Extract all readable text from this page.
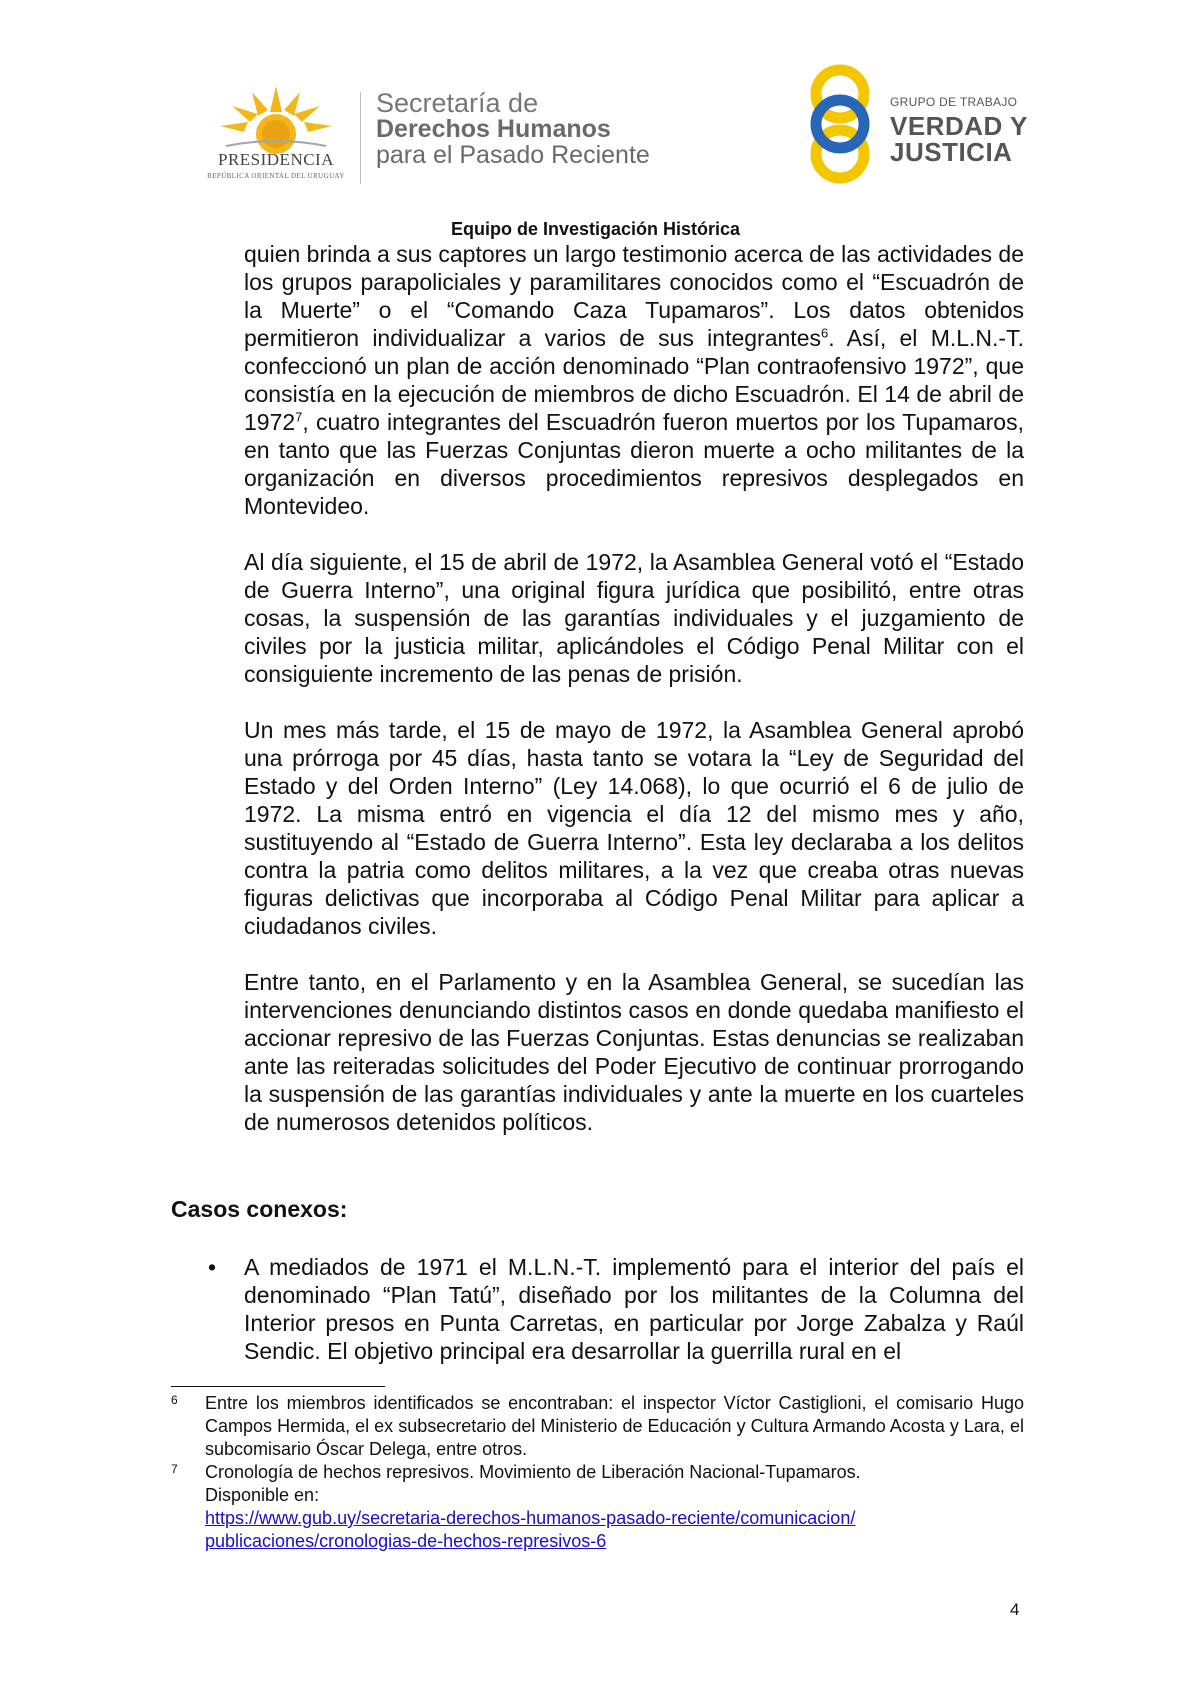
PRESIDENCIA
REPÚBLICA ORIENTAL DEL URUGUAY
Secretaría de
Derechos Humanos
para el Pasado Reciente
GRUPO DE TRABAJO
VERDAD Y
JUSTICIA
Equipo de Investigación Histórica

quien brinda a sus captores un largo testimonio acerca de las actividades de los grupos parapoliciales y paramilitares conocidos como el “Escuadrón de la Muerte” o el “Comando Caza Tupamaros”. Los datos obtenidos permitieron individualizar a varios de sus integrantes$^6$. Así, el M.L.N.-T. confeccionó un plan de acción denominado “Plan contraofensivo 1972”, que consistía en la ejecución de miembros de dicho Escuadrón. El 14 de abril de 1972$^7$, cuatro integrantes del Escuadrón fueron muertos por los Tupamaros, en tanto que las Fuerzas Conjuntas dieron muerte a ocho militantes de la organización en diversos procedimientos represivos desplegados en Montevideo.

Al día siguiente, el 15 de abril de 1972, la Asamblea General votó el “Estado de Guerra Interno”, una original figura jurídica que posibilitó, entre otras cosas, la suspensión de las garantías individuales y el juzgamiento de civiles por la justicia militar, aplicándoles el Código Penal Militar con el consiguiente incremento de las penas de prisión.

Un mes más tarde, el 15 de mayo de 1972, la Asamblea General aprobó una prórroga por 45 días, hasta tanto se votara la “Ley de Seguridad del Estado y del Orden Interno” (Ley 14.068), lo que ocurrió el 6 de julio de 1972. La misma entró en vigencia el día 12 del mismo mes y año, sustituyendo al “Estado de Guerra Interno”. Esta ley declaraba a los delitos contra la patria como delitos militares, a la vez que creaba otras nuevas figuras delictivas que incorporaba al Código Penal Militar para aplicar a ciudadanos civiles.

Entre tanto, en el Parlamento y en la Asamblea General, se sucedían las intervenciones denunciando distintos casos en donde quedaba manifiesto el accionar represivo de las Fuerzas Conjuntas. Estas denuncias se realizaban ante las reiteradas solicitudes del Poder Ejecutivo de continuar prorrogando la suspensión de las garantías individuales y ante la muerte en los cuarteles de numerosos detenidos políticos.

Casos conexos:
• A mediados de 1971 el M.L.N.-T. implementó para el interior del país el denominado “Plan Tatú”, diseñado por los militantes de la Columna del Interior presos en Punta Carretas, en particular por Jorge Zabalza y Raúl Sendic. El objetivo principal era desarrollar la guerrilla rural en el
6 Entre los miembros identificados se encontraban: el inspector Víctor Castiglioni, el comisario Hugo Campos Hermida, el ex subsecretario del Ministerio de Educación y Cultura Armando Acosta y Lara, el subcomisario Óscar Delega, entre otros.
7 Cronología de hechos represivos. Movimiento de Liberación Nacional-Tupamaros.
Disponible en:
https://www.gub.uy/secretaria-derechos-humanos-pasado-reciente/comunicacion/
publicaciones/cronologias-de-hechos-represivos-6
4
